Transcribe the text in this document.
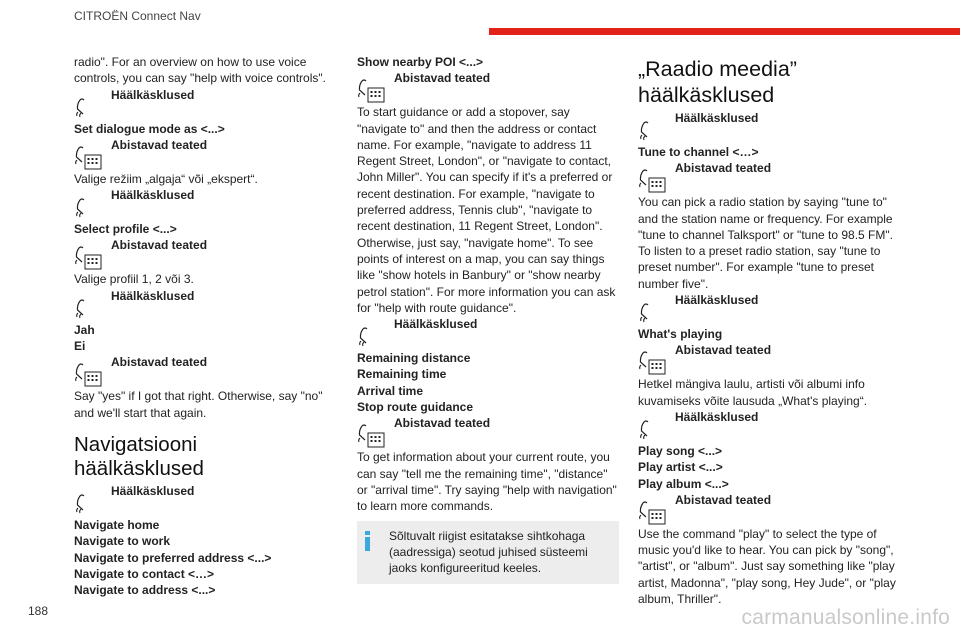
CITROËN Connect Nav

radio". For an overview on how to use voice controls, you can say "help with voice controls".

Häälkäsklused

Set dialogue mode as <...>

Abistavad teated

Valige režiim „algaja“ või „ekspert“.

Häälkäsklused

Select profile <...>

Abistavad teated

Valige profiil 1, 2 või 3.

Häälkäsklused

Jah

Ei

Abistavad teated

Say "yes" if I got that right. Otherwise, say "no" and we'll start that again.

Navigatsiooni
häälkäsklused
Häälkäsklused

Navigate home

Navigate to work

Navigate to preferred address <...>

Navigate to contact <…>

Navigate to address <...>

Show nearby POI <...>

Abistavad teated

To start guidance or add a stopover, say "navigate to" and then the address or contact name. For example, "navigate to address 11 Regent Street, London", or "navigate to contact, John Miller". You can specify if it's a preferred or recent destination. For example, "navigate to preferred address, Tennis club", "navigate to recent destination, 11 Regent Street, London". Otherwise, just say, "navigate home". To see points of interest on a map, you can say things like "show hotels in Banbury" or "show nearby petrol station". For more information you can ask for "help with route guidance".

Häälkäsklused

Remaining distance

Remaining time

Arrival time

Stop route guidance

Abistavad teated

To get information about your current route, you can say "tell me the remaining time", "distance" or "arrival time". Try saying "help with navigation" to learn more commands.

Sõltuvalt riigist esitatakse sihtkohaga (aadressiga) seotud juhised süsteemi jaoks konfigureeritud keeles.
„Raadio meedia”
häälkäsklused
Häälkäsklused

Tune to channel <…>

Abistavad teated

You can pick a radio station by saying "tune to" and the station name or frequency. For example "tune to channel Talksport" or "tune to 98.5 FM". To listen to a preset radio station, say "tune to preset number". For example "tune to preset number five".

Häälkäsklused

What's playing

Abistavad teated

Hetkel mängiva laulu, artisti või albumi info kuvamiseks võite lausuda „What's playing“.

Häälkäsklused

Play song <...>

Play artist <...>

Play album <...>

Abistavad teated

Use the command "play" to select the type of music you'd like to hear. You can pick by "song", "artist", or "album". Just say something like "play artist, Madonna", "play song, Hey Jude", or "play album, Thriller".

188	carmanualsonline.info
